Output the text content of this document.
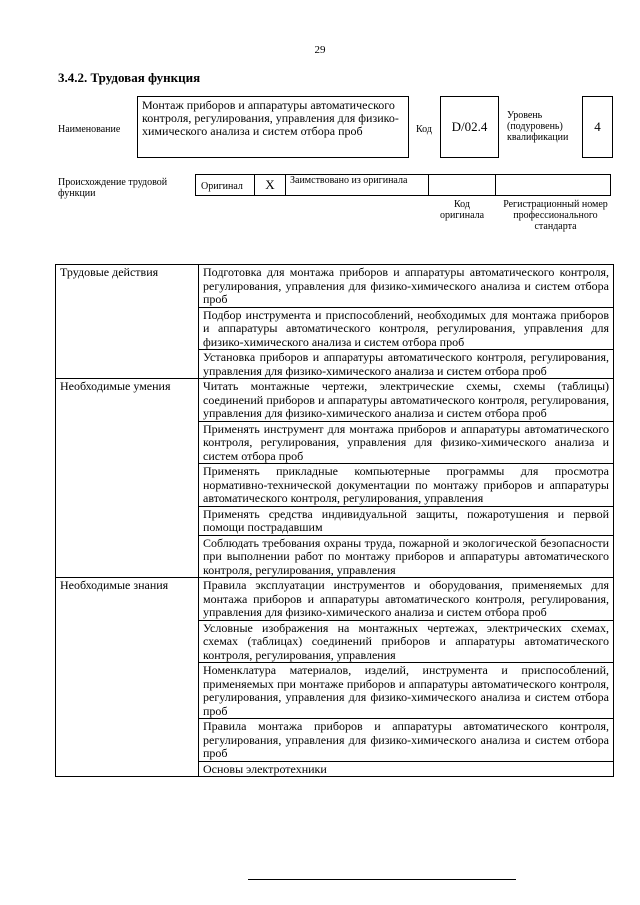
29
3.4.2. Трудовая функция
Наименование
Монтаж приборов и аппаратуры автоматического контроля, регулирования, управления для физико-химического анализа и систем отбора проб	Код	D/02.4
Уровень (подуровень) квалификации
4
Происхождение трудовой функции
Оригинал	X	Заимствовано из оригинала
Код оригинала
Регистрационный номер профессионального стандарта
Трудовые действия	Подготовка для монтажа приборов и аппаратуры автоматического контроля, регулирования, управления для физико-химического анализа и систем отбора проб
	Подбор инструмента и приспособлений, необходимых для монтажа приборов и аппаратуры автоматического контроля, регулирования, управления для физико-химического анализа и систем отбора проб
	Установка приборов и аппаратуры автоматического контроля, регулирования, управления для физико-химического анализа и систем отбора проб
Необходимые умения	Читать монтажные чертежи, электрические схемы, схемы (таблицы) соединений приборов и аппаратуры автоматического контроля, регулирования, управления для физико-химического анализа и систем отбора проб
	Применять инструмент для монтажа приборов и аппаратуры автоматического контроля, регулирования, управления для физико-химического анализа и систем отбора проб
	Применять прикладные компьютерные программы для просмотра нормативно-технической документации по монтажу приборов и аппаратуры автоматического контроля, регулирования, управления
	Применять средства индивидуальной защиты, пожаротушения и первой помощи пострадавшим
	Соблюдать требования охраны труда, пожарной и экологической безопасности при выполнении работ по монтажу приборов и аппаратуры автоматического контроля, регулирования, управления
Необходимые знания	Правила эксплуатации инструментов и оборудования, применяемых для монтажа приборов и аппаратуры автоматического контроля, регулирования, управления для физико-химического анализа и систем отбора проб
	Условные изображения на монтажных чертежах, электрических схемах, схемах (таблицах) соединений приборов и аппаратуры автоматического контроля, регулирования, управления
	Номенклатура материалов, изделий, инструмента и приспособлений, применяемых при монтаже приборов и аппаратуры автоматического контроля, регулирования, управления для физико-химического анализа и систем отбора проб
	Правила монтажа приборов и аппаратуры автоматического контроля, регулирования, управления для физико-химического анализа и систем отбора проб
	Основы электротехники
